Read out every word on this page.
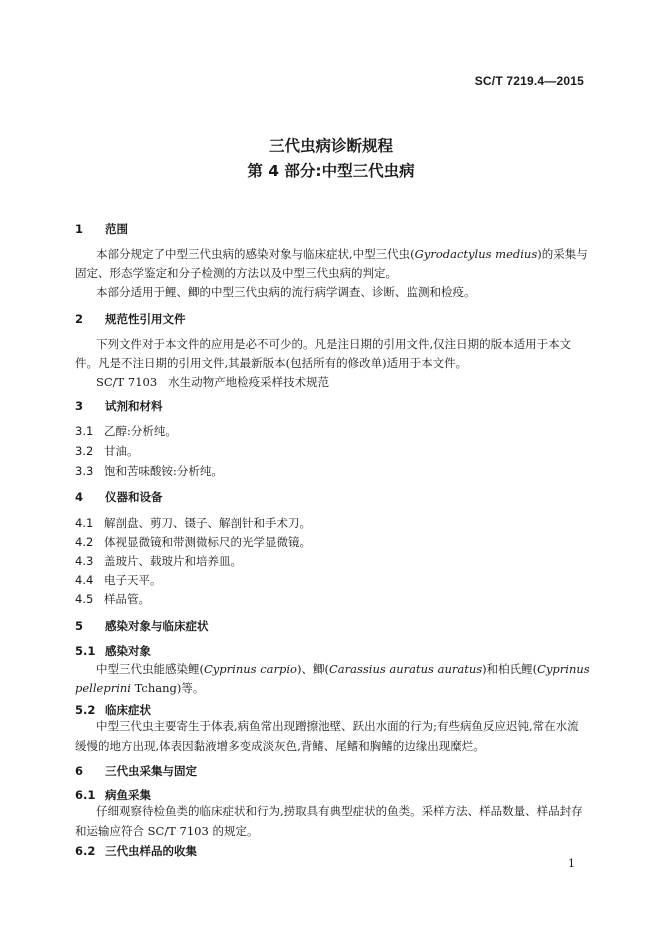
SC/T 7219.4—2015
三代虫病诊断规程
第 4 部分:中型三代虫病
1 范围
本部分规定了中型三代虫病的感染对象与临床症状,中型三代虫(Gyrodactylus medius)的采集与
固定、形态学鉴定和分子检测的方法以及中型三代虫病的判定。
本部分适用于鲤、鲫的中型三代虫病的流行病学调查、诊断、监测和检疫。
2 规范性引用文件
下列文件对于本文件的应用是必不可少的。凡是注日期的引用文件,仅注日期的版本适用于本文
件。凡是不注日期的引用文件,其最新版本(包括所有的修改单)适用于本文件。
SC/T 7103   水生动物产地检疫采样技术规范
3 试剂和材料
3.1 乙醇:分析纯。
3.2 甘油。
3.3 饱和苦味酸铵:分析纯。
4 仪器和设备
4.1 解剖盘、剪刀、镊子、解剖针和手术刀。
4.2 体视显微镜和带测微标尺的光学显微镜。
4.3 盖玻片、载玻片和培养皿。
4.4 电子天平。
4.5 样品管。
5 感染对象与临床症状
5.1 感染对象
中型三代虫能感染鲤(Cyprinus carpio)、鲫(Carassius auratus auratus)和柏氏鲤(Cyprinus
pelleprini Tchang)等。
5.2 临床症状
中型三代虫主要寄生于体表,病鱼常出现蹭擦池壁、跃出水面的行为;有些病鱼反应迟钝,常在水流
缓慢的地方出现,体表因黏液增多变成淡灰色,背鳍、尾鳍和胸鳍的边缘出现糜烂。
6 三代虫采集与固定
6.1 病鱼采集
仔细观察待检鱼类的临床症状和行为,捞取具有典型症状的鱼类。采样方法、样品数量、样品封存
和运输应符合 SC/T 7103 的规定。
6.2 三代虫样品的收集
1
